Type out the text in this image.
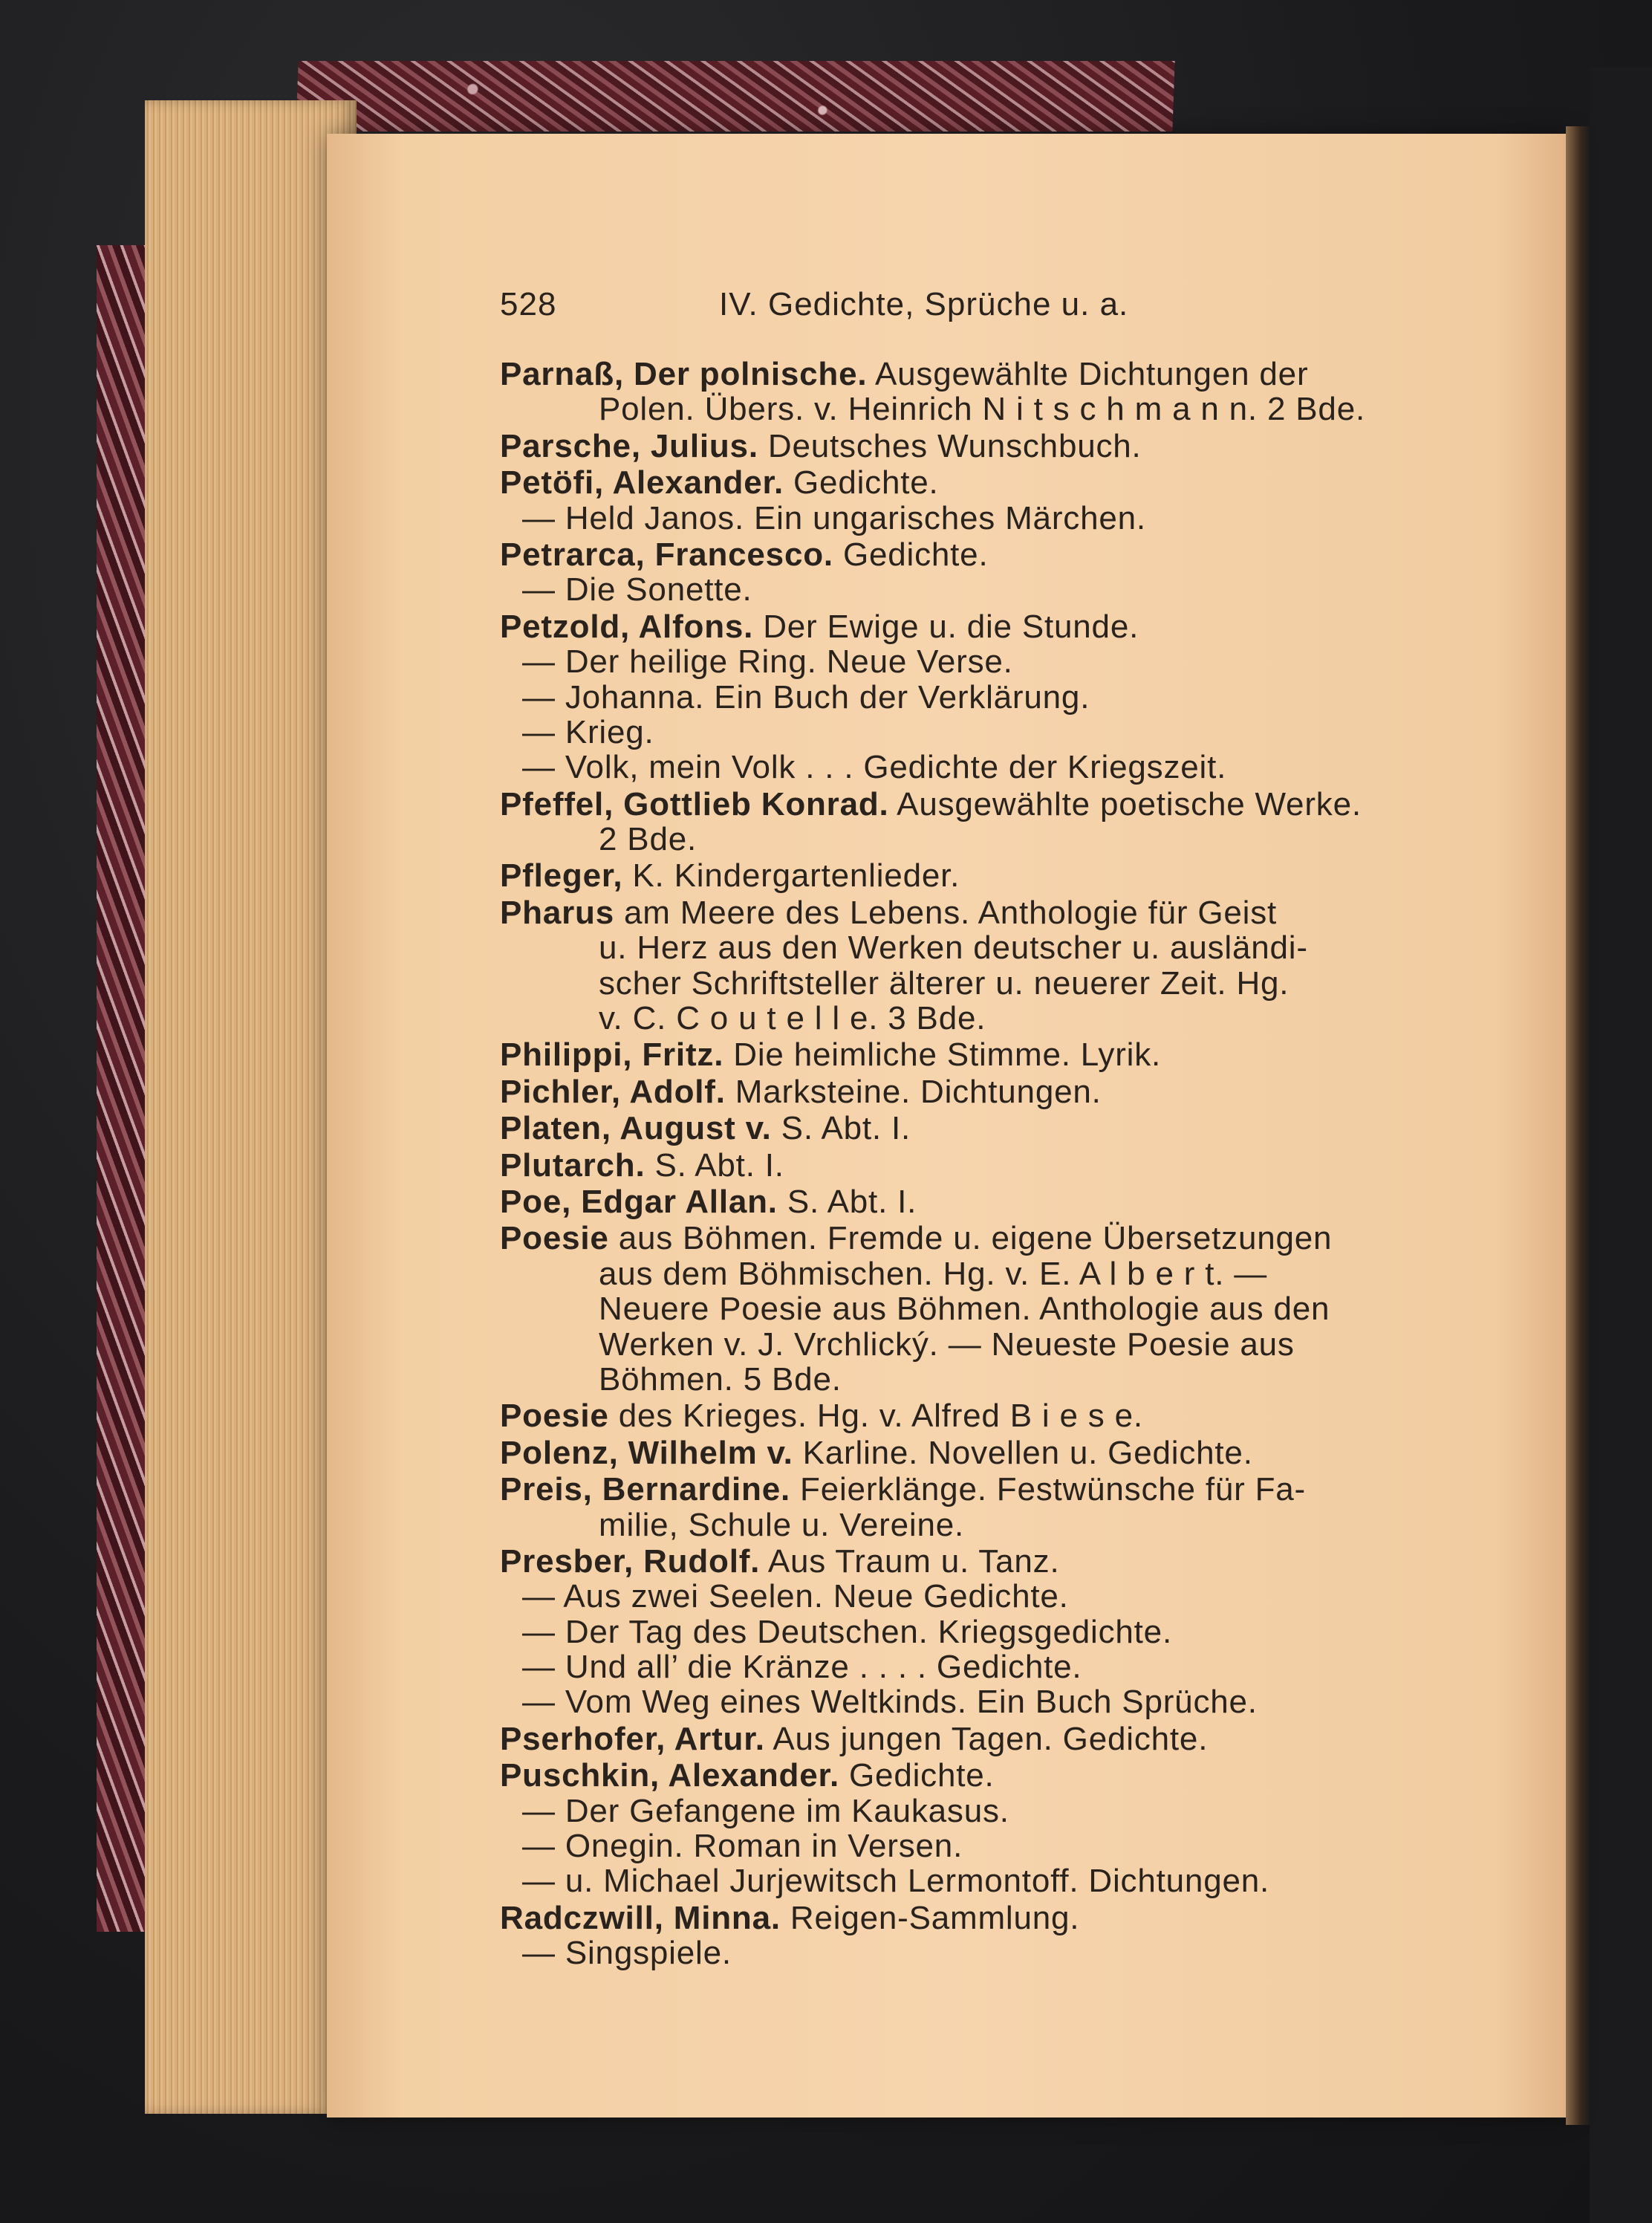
528	IV. Gedichte, Sprüche u. a.
Parnaß, Der polnische. Ausgewählte Dichtungen der
Polen. Übers. v. Heinrich N i t s c h m a n n. 2 Bde.
Parsche, Julius. Deutsches Wunschbuch.
Petöfi, Alexander. Gedichte.
— Held Janos. Ein ungarisches Märchen.
Petrarca, Francesco. Gedichte.
— Die Sonette.
Petzold, Alfons. Der Ewige u. die Stunde.
— Der heilige Ring. Neue Verse.
— Johanna. Ein Buch der Verklärung.
— Krieg.
— Volk, mein Volk . . . Gedichte der Kriegszeit.
Pfeffel, Gottlieb Konrad. Ausgewählte poetische Werke.
2 Bde.
Pfleger, K. Kindergartenlieder.
Pharus am Meere des Lebens. Anthologie für Geist
u. Herz aus den Werken deutscher u. ausländi-
scher Schriftsteller älterer u. neuerer Zeit. Hg.
v. C. C o u t e l l e. 3 Bde.
Philippi, Fritz. Die heimliche Stimme. Lyrik.
Pichler, Adolf. Marksteine. Dichtungen.
Platen, August v. S. Abt. I.
Plutarch. S. Abt. I.
Poe, Edgar Allan. S. Abt. I.
Poesie aus Böhmen. Fremde u. eigene Übersetzungen
aus dem Böhmischen. Hg. v. E. A l b e r t. —
Neuere Poesie aus Böhmen. Anthologie aus den
Werken v. J. Vrchlický. — Neueste Poesie aus
Böhmen. 5 Bde.
Poesie des Krieges. Hg. v. Alfred B i e s e.
Polenz, Wilhelm v. Karline. Novellen u. Gedichte.
Preis, Bernardine. Feierklänge. Festwünsche für Fa-
milie, Schule u. Vereine.
Presber, Rudolf. Aus Traum u. Tanz.
— Aus zwei Seelen. Neue Gedichte.
— Der Tag des Deutschen. Kriegsgedichte.
— Und all’ die Kränze . . . . Gedichte.
— Vom Weg eines Weltkinds. Ein Buch Sprüche.
Pserhofer, Artur. Aus jungen Tagen. Gedichte.
Puschkin, Alexander. Gedichte.
— Der Gefangene im Kaukasus.
— Onegin. Roman in Versen.
— u. Michael Jurjewitsch Lermontoff. Dichtungen.
Radczwill, Minna. Reigen-Sammlung.
— Singspiele.
